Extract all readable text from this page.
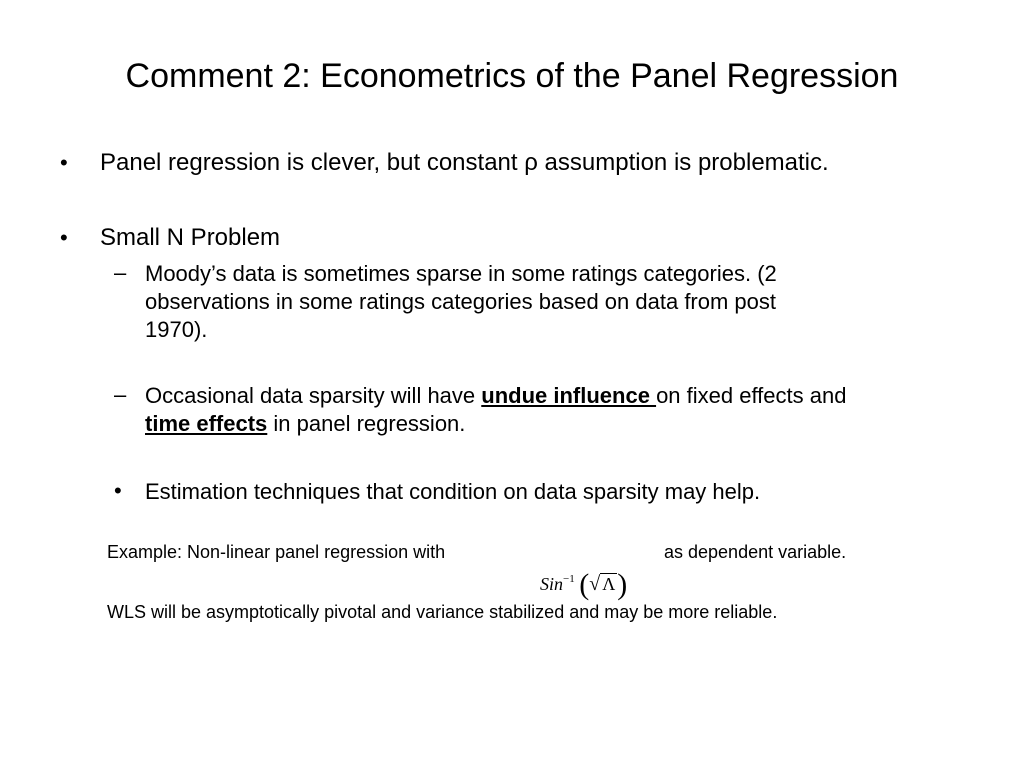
Comment 2: Econometrics of the Panel Regression
• Panel regression is clever, but constant ρ assumption is problematic.
• Small N Problem
– Moody’s data is sometimes sparse in some ratings categories. (2
observations in some ratings categories based on data from post
1970).
– Occasional data sparsity will have undue influence on fixed effects and
time effects in panel regression.
• Estimation techniques that condition on data sparsity may help.
Example: Non-linear panel regression with	as dependent variable.
Sin$^{-1}$ (√ Λ)
WLS will be asymptotically pivotal and variance stabilized and may be more reliable.
